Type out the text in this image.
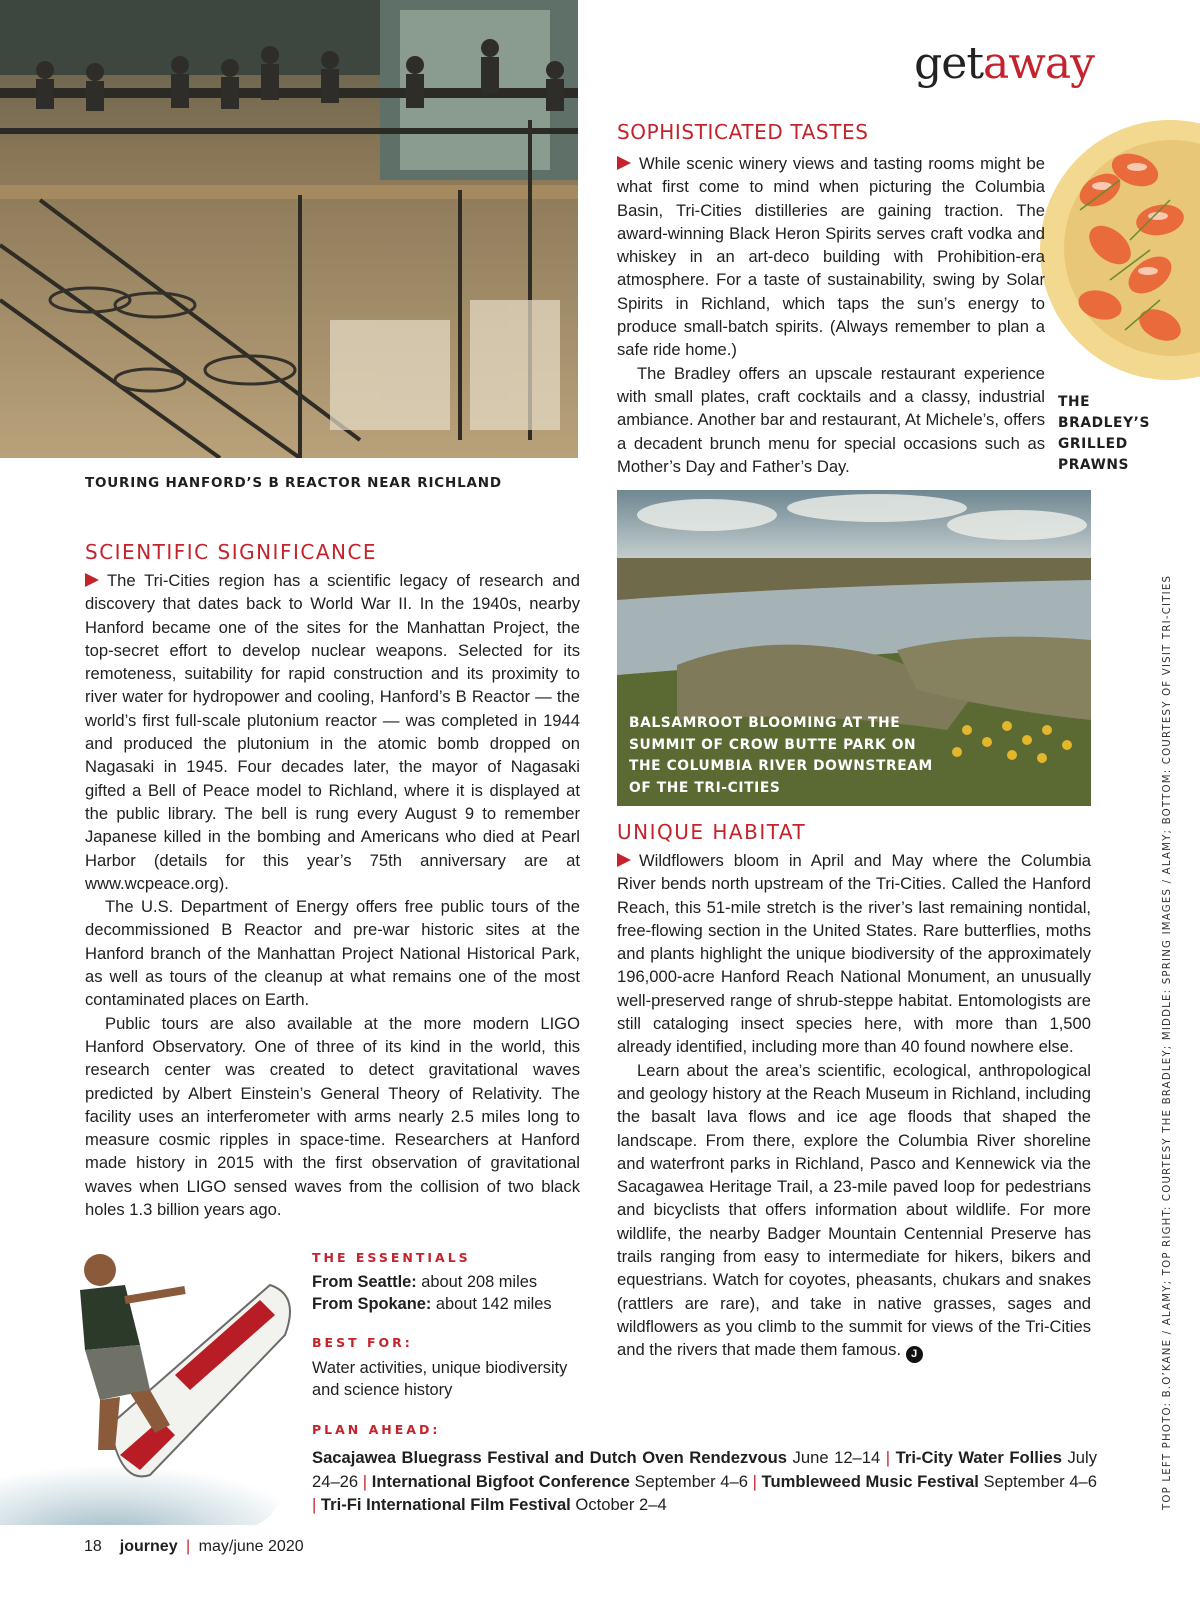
TOURING HANFORD’S B REACTOR NEAR RICHLAND
getaway
THE
BRADLEY’S
GRILLED
PRAWNS
SOPHISTICATED TASTES

While scenic winery views and tasting rooms might be what first come to mind when picturing the Columbia Basin, Tri-Cities distilleries are gaining traction. The award-winning Black Heron Spirits serves craft vodka and whiskey in an art-deco building with Prohibition-era atmosphere. For a taste of sustainability, swing by Solar Spirits in Richland, which taps the sun’s energy to produce small-batch spirits. (Always remember to plan a safe ride home.)

The Bradley offers an upscale restaurant experience with small plates, craft cocktails and a classy, industrial ambiance. Another bar and restaurant, At Michele’s, offers a decadent brunch menu for special occasions such as Mother’s Day and Father’s Day.

BALSAMROOT BLOOMING AT THE
SUMMIT OF CROW BUTTE PARK ON
THE COLUMBIA RIVER DOWNSTREAM
OF THE TRI-CITIES
SCIENTIFIC SIGNIFICANCE

The Tri-Cities region has a scientific legacy of research and discovery that dates back to World War II. In the 1940s, nearby Hanford became one of the sites for the Manhattan Project, the top-secret effort to develop nuclear weapons. Selected for its remoteness, suitability for rapid construction and its proximity to river water for hydropower and cooling, Hanford’s B Reactor — the world’s first full-scale plutonium reactor — was completed in 1944 and produced the plutonium in the atomic bomb dropped on Nagasaki in 1945. Four decades later, the mayor of Nagasaki gifted a Bell of Peace model to Richland, where it is displayed at the public library. The bell is rung every August 9 to remember Japanese killed in the bombing and Americans who died at Pearl Harbor (details for this year’s 75th anniversary are at www.wcpeace.org).

The U.S. Department of Energy offers free public tours of the decommissioned B Reactor and pre-war historic sites at the Hanford branch of the Manhattan Project National Historical Park, as well as tours of the cleanup at what remains one of the most contaminated places on Earth.

Public tours are also available at the more modern LIGO Hanford Observatory. One of three of its kind in the world, this research center was created to detect gravitational waves predicted by Albert Einstein’s General Theory of Relativity. The facility uses an interferometer with arms nearly 2.5 miles long to measure cosmic ripples in space-time. Researchers at Hanford made history in 2015 with the first observation of gravitational waves when LIGO sensed waves from the collision of two black holes 1.3 billion years ago.

UNIQUE HABITAT

Wildflowers bloom in April and May where the Columbia River bends north upstream of the Tri-Cities. Called the Hanford Reach, this 51-mile stretch is the river’s last remaining nontidal, free-flowing section in the United States. Rare butterflies, moths and plants highlight the unique biodiversity of the approximately 196,000-acre Hanford Reach National Monument, an unusually well-preserved range of shrub-steppe habitat. Entomologists are still cataloging insect species here, with more than 1,500 already identified, including more than 40 found nowhere else.

Learn about the area’s scientific, ecological, anthropological and geology history at the Reach Museum in Richland, including the basalt lava flows and ice age floods that shaped the landscape. From there, explore the Columbia River shoreline and waterfront parks in Richland, Pasco and Kennewick via the Sacagawea Heritage Trail, a 23-mile paved loop for pedestrians and bicyclists that offers information about wildlife. For more wildlife, the nearby Badger Mountain Centennial Preserve has trails ranging from easy to intermediate for hikers, bikers and equestrians. Watch for coyotes, pheasants, chukars and snakes (rattlers are rare), and take in native grasses, sages and wildflowers as you climb to the summit for views of the Tri-Cities and the rivers that made them famous. J

THE ESSENTIALS
From Seattle: about 208 miles
From Spokane: about 142 miles
BEST FOR:
Water activities, unique biodiversity and science history
PLAN AHEAD:
Sacajawea Bluegrass Festival and Dutch Oven Rendezvous June 12–14 | Tri-City Water Follies July 24–26 | International Bigfoot Conference September 4–6 | Tumbleweed Music Festival September 4–6 | Tri-Fi International Film Festival October 2–4	TOP LEFT PHOTO: B.O’KANE / ALAMY; TOP RIGHT: COURTESY THE BRADLEY; MIDDLE: SPRING IMAGES / ALAMY; BOTTOM: COURTESY OF VISIT TRI-CITIES
18 journey | may/june 2020
